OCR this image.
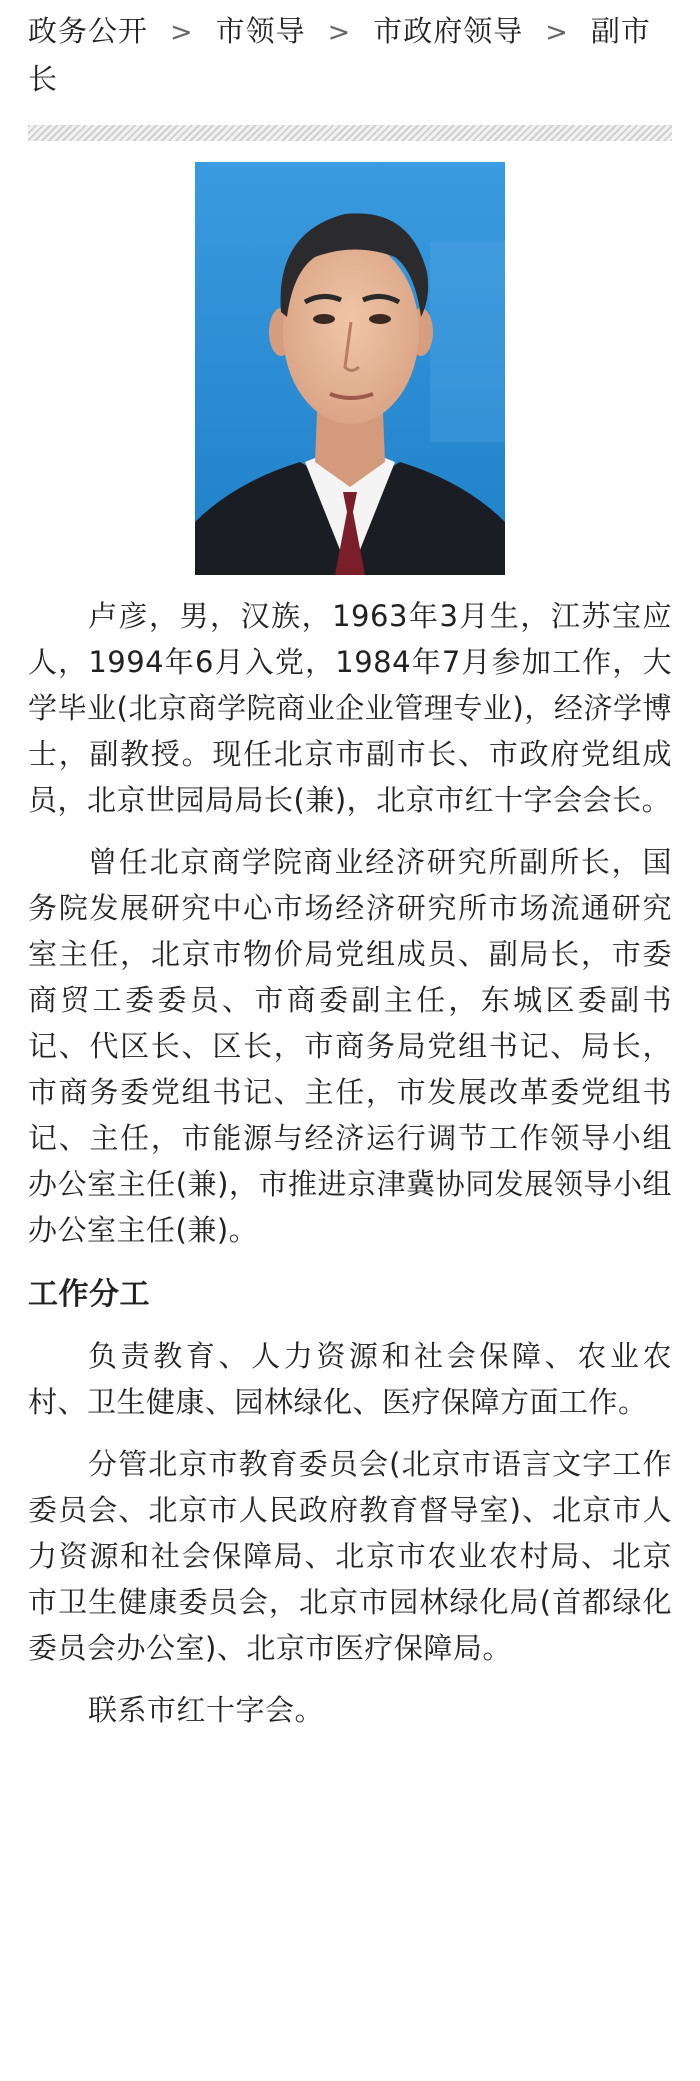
政务公开 > 市领导 > 市政府领导 > 副市长

卢彦，男，汉族，1963年3月生，江苏宝应人，1994年6月入党，1984年7月参加工作，大学毕业(北京商学院商业企业管理专业)，经济学博士，副教授。现任北京市副市长、市政府党组成员，北京世园局局长(兼)，北京市红十字会会长。

曾任北京商学院商业经济研究所副所长，国务院发展研究中心市场经济研究所市场流通研究室主任，北京市物价局党组成员、副局长，市委商贸工委委员、市商委副主任，东城区委副书记、代区长、区长，市商务局党组书记、局长，市商务委党组书记、主任，市发展改革委党组书记、主任，市能源与经济运行调节工作领导小组办公室主任(兼)，市推进京津冀协同发展领导小组办公室主任(兼)。

工作分工

负责教育、人力资源和社会保障、农业农村、卫生健康、园林绿化、医疗保障方面工作。

分管北京市教育委员会(北京市语言文字工作委员会、北京市人民政府教育督导室)、北京市人力资源和社会保障局、北京市农业农村局、北京市卫生健康委员会，北京市园林绿化局(首都绿化委员会办公室)、北京市医疗保障局。

联系市红十字会。
